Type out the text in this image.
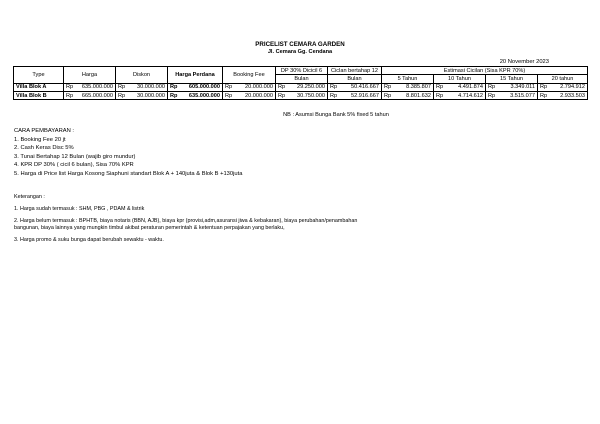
PRICELIST CEMARA GARDEN
Jl. Cemara Gg. Cendana
20 November 2023
Type	Harga	Diskon	Harga Perdana	Booking Fee	DP 30% Dicicil 6	Ciclan bertahap 12	Estimasi Cicilan (Sisa KPR 70%)			
					Bulan	Bulan	5 Tahun	10 Tahun	15 Tahun	20 tahun
Villa Blok A	Rp 635.000.000	Rp 30.000.000	Rp 605.000.000	Rp 20.000.000	Rp 29.250.000	Rp 50.416.667	Rp 8.385.807	Rp 4.491.874	Rp 3.349.011	Rp 2.794.912

Villa Blok B	Rp 665.000.000	Rp 30.000.000	Rp 635.000.000	Rp 20.000.000	Rp 30.750.000	Rp 52.916.667	Rp 8.801.632	Rp 4.714.612	Rp 3.515.077	Rp 2.933.503
NB : Asumsi Bunga Bank 5% fixed 5 tahun
CARA PEMBAYARAN :
1. Booking Fee 20 jt
2. Cash Keras Disc 5%
3. Tunai Bertahap 12 Bulan (wajib giro mundur)
4. KPR DP 30% ( cicil 6 bulan), Sisa 70% KPR
5. Harga di Price list Harga Kosong Siaphuni standart Blok A + 140juta & Blok B +130juta
Keterangan :
1. Harga sudah termasuk : SHM, PBG , PDAM & listrik
2. Harga belum termasuk : BPHTB, biaya notaris (BBN, AJB), biaya kpr (provisi,adm,asuransi jiwa & kebakaran), biaya perubahan/penambahan
bangunan, biaya lainnya yang mungkin timbul akibat peraturan pemerintah & ketentuan perpajakan yang berlaku,
3. Harga promo & suku bunga dapat berubah sewaktu - waktu.
